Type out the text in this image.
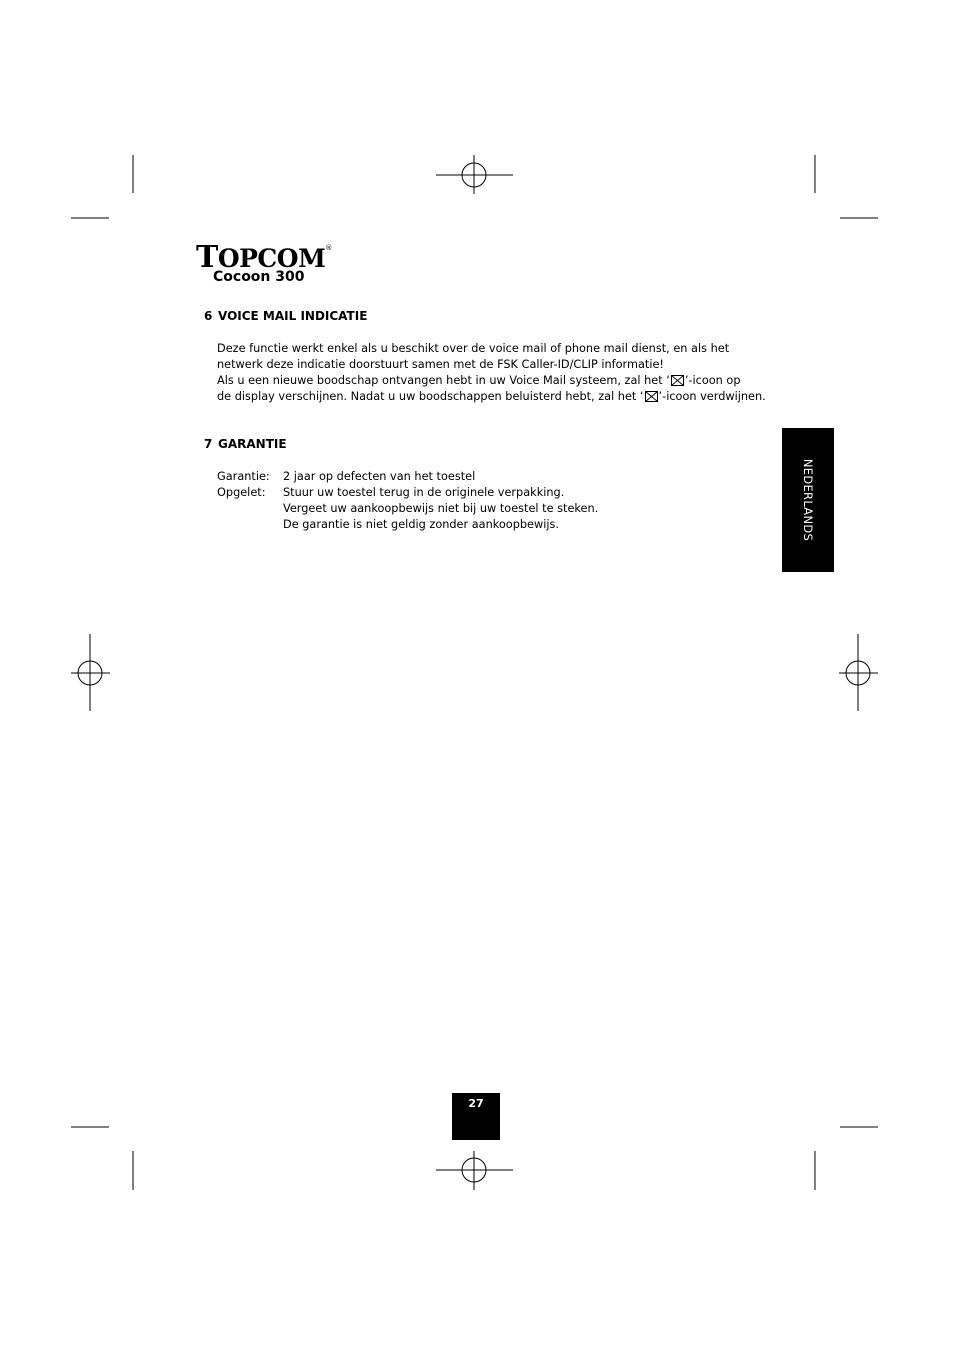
TOPCOM®
Cocoon 300
6 VOICE MAIL INDICATIE
Deze functie werkt enkel als u beschikt over de voice mail of phone mail dienst, en als het
netwerk deze indicatie doorstuurt samen met de FSK Caller-ID/CLIP informatie!
Als u een nieuwe boodschap ontvangen hebt in uw Voice Mail systeem, zal het ‘ ’-icoon op
de display verschijnen. Nadat u uw boodschappen beluisterd hebt, zal het ‘ ’-icoon verdwijnen.
7 GARANTIE
Garantie: 2 jaar op defecten van het toestel
Opgelet: Stuur uw toestel terug in de originele verpakking.
Vergeet uw aankoopbewijs niet bij uw toestel te steken.
De garantie is niet geldig zonder aankoopbewijs.	NEDERLANDS
27
